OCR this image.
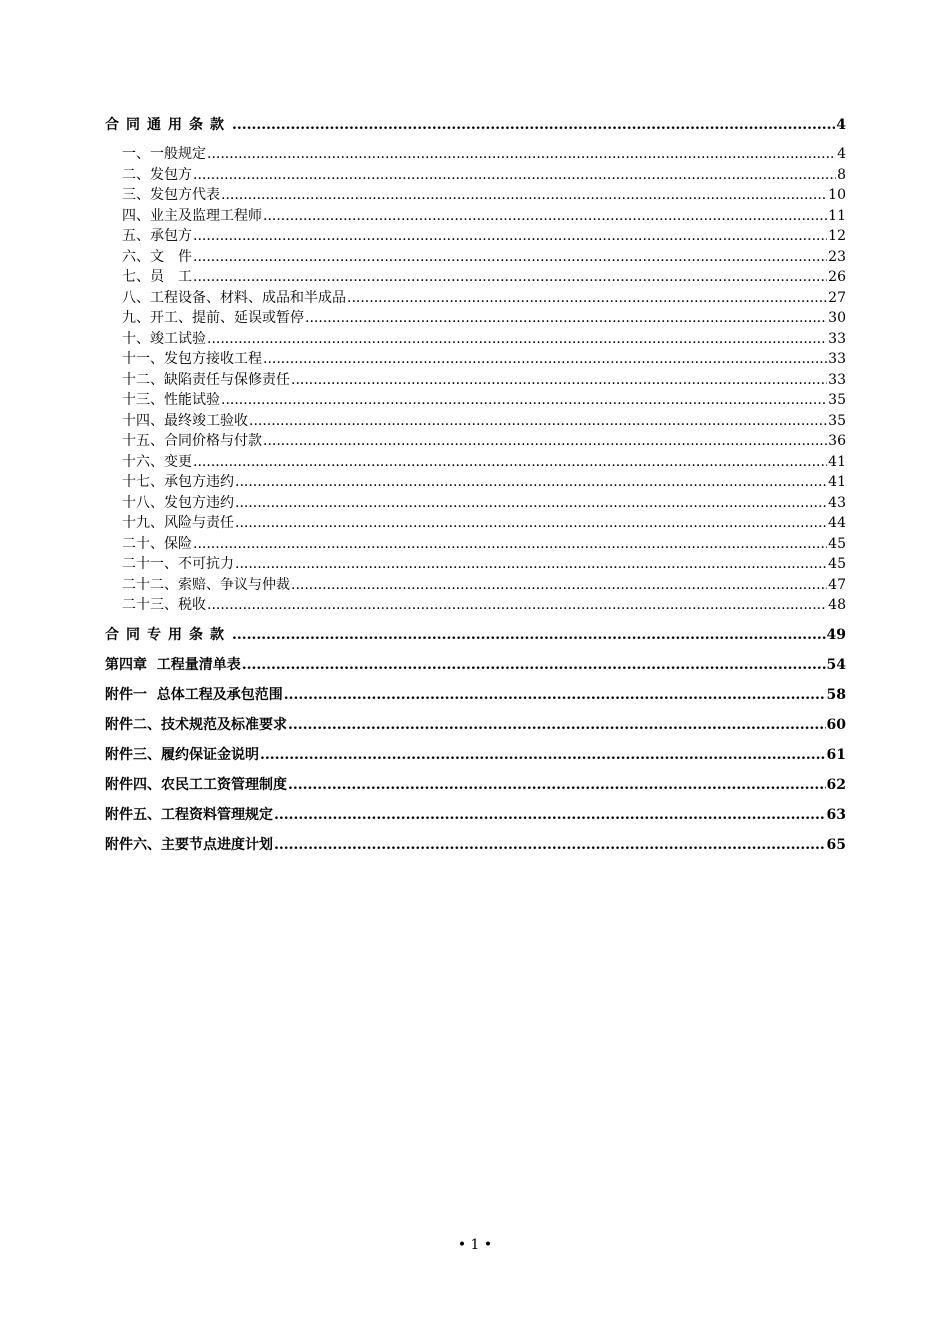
合同通用条款 .....	4
一、一般规定 .....	4
二、发包方 .....	8
三、发包方代表 .....	10
四、业主及监理工程师 .....	11
五、承包方 .....	12
六、文　件 .....	23
七、员　工 .....	26
八、工程设备、材料、成品和半成品 .....	27
九、开工、提前、延误或暂停 .....	30
十、竣工试验 .....	33
十一、发包方接收工程 .....	33
十二、缺陷责任与保修责任 .....	33
十三、性能试验 .....	35
十四、最终竣工验收 .....	35
十五、合同价格与付款 .....	36
十六、变更 .....	41
十七、承包方违约 .....	41
十八、发包方违约 .....	43
十九、风险与责任 .....	44
二十、保险 .....	45
二十一、不可抗力 .....	45
二十二、索赔、争议与仲裁 .....	47
二十三、税收 .....	48
合同专用条款 .....	49
第四章  工程量清单表 .....	54
附件一  总体工程及承包范围 .....	58
附件二、技术规范及标准要求 .....	60
附件三、履约保证金说明 .....	61
附件四、农民工工资管理制度 .....	62
附件五、工程资料管理规定 .....	63
附件六、主要节点进度计划 .....	65
• 1 •
